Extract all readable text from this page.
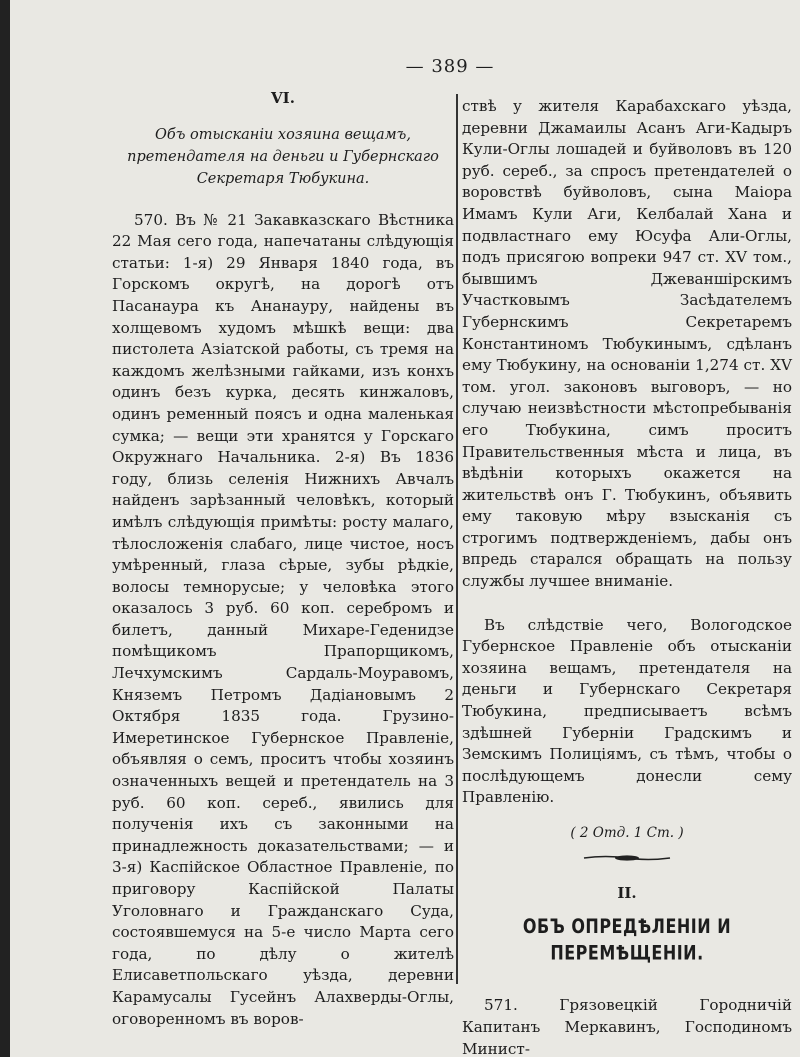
— 389 —
VI.
Объ отысканіи хозяина вещамъ, претендателя на деньги и Губернскаго Секретаря Тюбукина.

570. Въ № 21 Закавказскаго Вѣстника 22 Мая сего года, напечатаны слѣдующія статьи: 1-я) 29 Января 1840 года, въ Горскомъ округѣ, на дорогѣ отъ Пасанаура къ Ананауру, найдены въ холщевомъ худомъ мѣшкѣ вещи: два пистолета Азіатской работы, съ тремя на каждомъ желѣзными гайками, изъ конхъ одинъ безъ курка, десять кинжаловъ, одинъ ременный поясъ и одна маленькая сумка; — вещи эти хранятся у Горскаго Окружнаго Начальника. 2-я) Въ 1836 году, близь селенія Нижнихъ Авчалъ найденъ зарѣзанный человѣкъ, который имѣлъ слѣдующія примѣты: росту малаго, тѣлосложенія слабаго, лице чистое, носъ умѣренный, глаза сѣрые, зубы рѣдкіе, волосы темнорусые; у человѣка этого оказалось 3 руб. 60 коп. серебромъ и билетъ, данный Михаре-Геденидзе помѣщикомъ Прапорщикомъ, Лечхумскимъ Сардаль-Моуравомъ, Княземъ Петромъ Дадіановымъ 2 Октября 1835 года. Грузино-Имеретинское Губернское Правленіе, объявляя о семъ, проситъ чтобы хозяинъ означенныхъ вещей и претендатель на 3 руб. 60 коп. сереб., явились для полученія ихъ съ законными на принадлежность доказательствами; — и 3-я) Каспійское Областное Правленіе, по приговору Каспійской Палаты Уголовнаго и Гражданскаго Суда, состоявшемуся на 5-е число Марта сего года, по дѣлу о жителѣ Елисаветпольскаго уѣзда, деревни Карамусалы Гусейнъ Алахверды-Оглы, оговоренномъ въ воров-

ствѣ у жителя Карабахскаго уѣзда, деревни Джамаилы Асанъ Аги-Кадыръ Кули-Оглы лошадей и буйволовъ въ 120 руб. сереб., за спросъ претендателей о воровствѣ буйволовъ, сына Маіора Имамъ Кули Аги, Келбалай Хана и подвластнаго ему Юсуфа Али-Оглы, подъ присягою вопреки 947 ст. XV том., бывшимъ Джеваншірскимъ Участковымъ Засѣдателемъ Губернскимъ Секретаремъ Константиномъ Тюбукинымъ, сдѣланъ ему Тюбукину, на основаніи 1,274 ст. XV том. угол. законовъ выговоръ, — но случаю неизвѣстности мѣстопребыванія его Тюбукина, симъ проситъ Правительственныя мѣста и лица, въ вѣдѣніи которыхъ окажется на жительствѣ онъ Г. Тюбукинъ, объявить ему таковую мѣру взысканія съ строгимъ подтвержденіемъ, дабы онъ впредь старался обращать на пользу службы лучшее вниманіе.

Въ слѣдствіе чего, Вологодское Губернское Правленіе объ отысканіи хозяина вещамъ, претендателя на деньги и Губернскаго Секретаря Тюбукина, предписываетъ всѣмъ здѣшней Губерніи Градскимъ и Земскимъ Полиціямъ, съ тѣмъ, чтобы о послѣдующемъ донесли сему Правленію.

( 2 Отд. 1 Ст. )
II.
ОБЪ ОПРЕДѢЛЕНІИ И ПЕРЕМѢЩЕНІИ.

571. Грязовецкій Городничій Капитанъ Меркавинъ, Господиномъ Минист-
